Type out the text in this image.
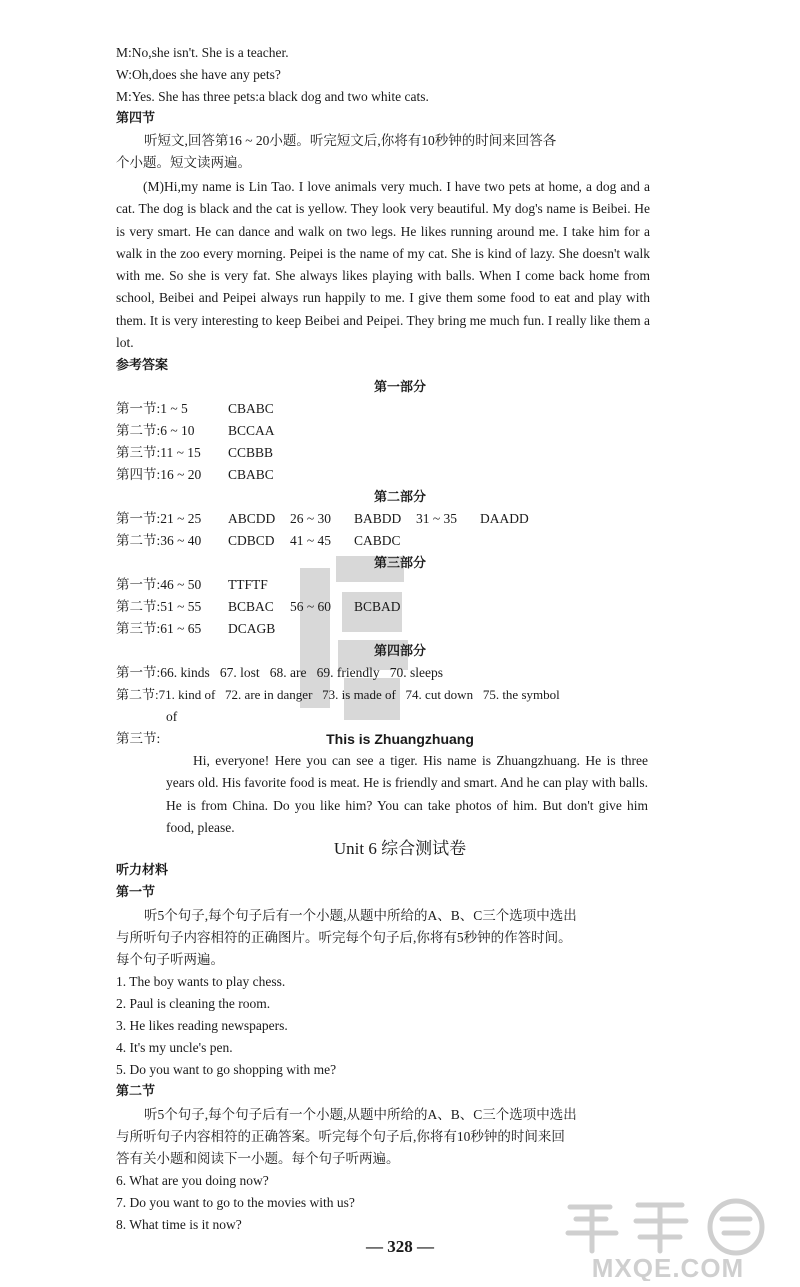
M:No,she isn't. She is a teacher.
W:Oh,does she have any pets?
M:Yes. She has three pets:a black dog and two white cats.
第四节
听短文,回答第16 ~ 20小题。听完短文后,你将有10秒钟的时间来回答各
个小题。短文读两遍。
(M)Hi,my name is Lin Tao. I love animals very much. I have two pets at home, a dog and a cat. The dog is black and the cat is yellow. They look very beautiful. My dog's name is Beibei. He is very smart. He can dance and walk on two legs. He likes running around me. I take him for a walk in the zoo every morning. Peipei is the name of my cat. She is kind of lazy. She doesn't walk with me. So she is very fat. She always likes playing with balls. When I come back home from school, Beibei and Peipei always run happily to me. I give them some food to eat and play with them. It is very interesting to keep Beibei and Peipei. They bring me much fun. I really like them a lot.
参考答案
第一部分
第一节:1 ~ 5	CBABC
第二节:6 ~ 10 BCCAA
第三节:11 ~ 15 CCBBB
第四节:16 ~ 20 CBABC
第二部分
第一节:21 ~ 25 ABCDD 26 ~ 30 BABDD 31 ~ 35 DAADD
第二节:36 ~ 40 CDBCD 41 ~ 45 CABDC
第三部分
第一节:46 ~ 50 TTFTF
第二节:51 ~ 55 BCBAC 56 ~ 60 BCBAD
第三节:61 ~ 65 DCAGB
第四部分
第一节:66. kinds   67. lost   68. are   69. friendly   70. sleeps
第二节:71. kind of   72. are in danger   73. is made of   74. cut down   75. the symbol
of
第三节:	This is Zhuangzhuang
Hi, everyone! Here you can see a tiger. His name is Zhuangzhuang. He is three years old. His favorite food is meat. He is friendly and smart. And he can play with balls. He is from China. Do you like him? You can take photos of him. But don't give him food, please.
Unit 6 综合测试卷
听力材料
第一节
听5个句子,每个句子后有一个小题,从题中所给的A、B、C三个选项中选出
与所听句子内容相符的正确图片。听完每个句子后,你将有5秒钟的作答时间。
每个句子听两遍。
1. The boy wants to play chess.
2. Paul is cleaning the room.
3. He likes reading newspapers.
4. It's my uncle's pen.
5. Do you want to go shopping with me?
第二节
听5个句子,每个句子后有一个小题,从题中所给的A、B、C三个选项中选出
与所听句子内容相符的正确答案。听完每个句子后,你将有10秒钟的时间来回
答有关小题和阅读下一小题。每个句子听两遍。
6. What are you doing now?
7. Do you want to go to the movies with us?
8. What time is it now?
— 328 —
MXQE.COM
